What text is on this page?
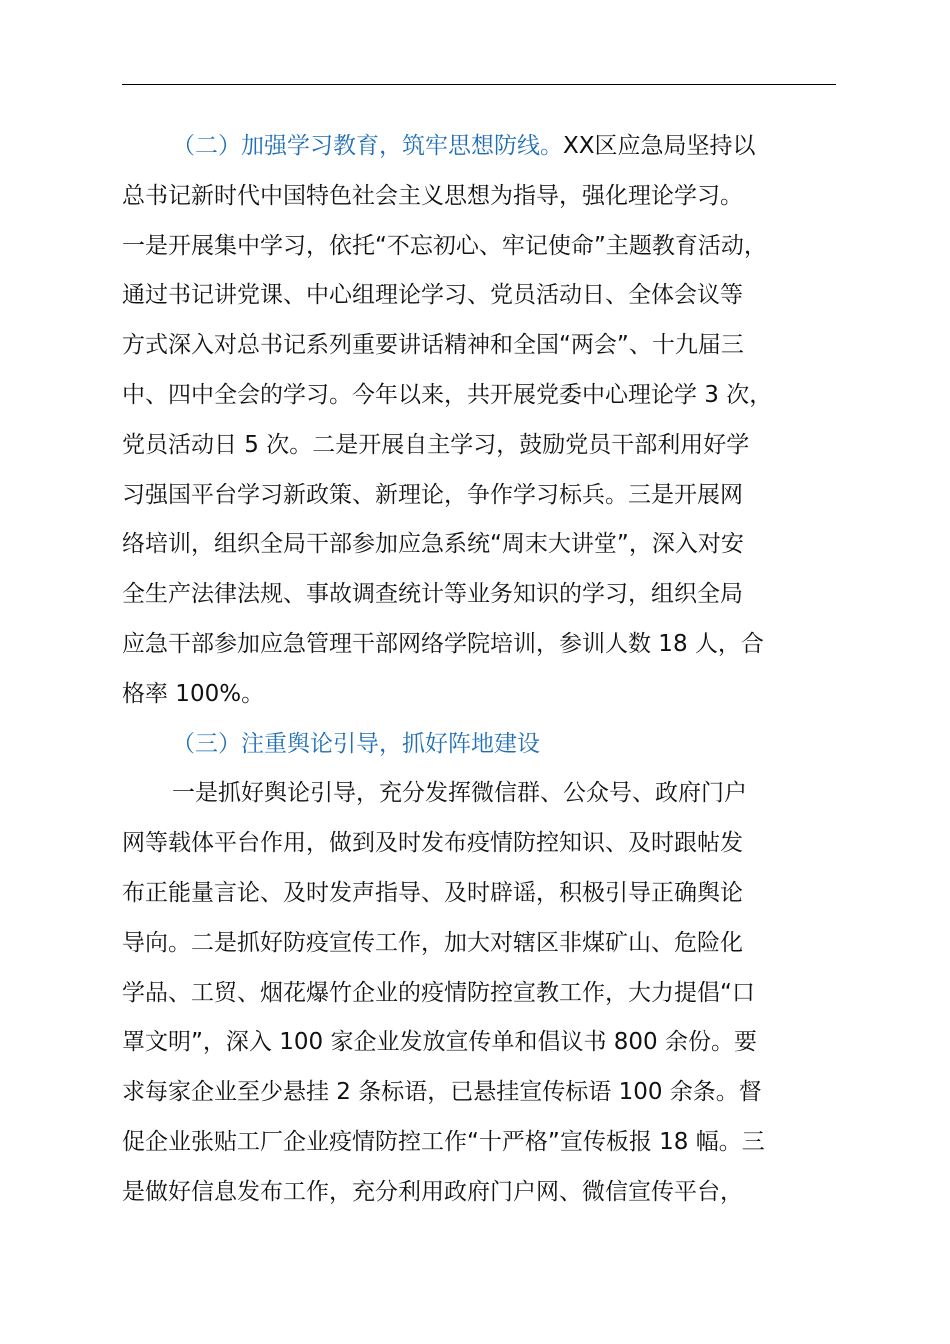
（二）加强学习教育，筑牢思想防线。XX区应急局坚持以
总书记新时代中国特色社会主义思想为指导，强化理论学习。
一是开展集中学习，依托“不忘初心、牢记使命”主题教育活动，
通过书记讲党课、中心组理论学习、党员活动日、全体会议等
方式深入对总书记系列重要讲话精神和全国“两会”、十九届三
中、四中全会的学习。今年以来，共开展党委中心理论学 3 次，
党员活动日 5 次。二是开展自主学习，鼓励党员干部利用好学
习强国平台学习新政策、新理论，争作学习标兵。三是开展网
络培训，组织全局干部参加应急系统“周末大讲堂”，深入对安
全生产法律法规、事故调查统计等业务知识的学习，组织全局
应急干部参加应急管理干部网络学院培训，参训人数 18 人，合
格率 100%。
（三）注重舆论引导，抓好阵地建设
一是抓好舆论引导，充分发挥微信群、公众号、政府门户
网等载体平台作用，做到及时发布疫情防控知识、及时跟帖发
布正能量言论、及时发声指导、及时辟谣，积极引导正确舆论
导向。二是抓好防疫宣传工作，加大对辖区非煤矿山、危险化
学品、工贸、烟花爆竹企业的疫情防控宣教工作，大力提倡“口
罩文明”，深入 100 家企业发放宣传单和倡议书 800 余份。要
求每家企业至少悬挂 2 条标语，已悬挂宣传标语 100 余条。督
促企业张贴工厂企业疫情防控工作“十严格”宣传板报 18 幅。三
是做好信息发布工作，充分利用政府门户网、微信宣传平台，
